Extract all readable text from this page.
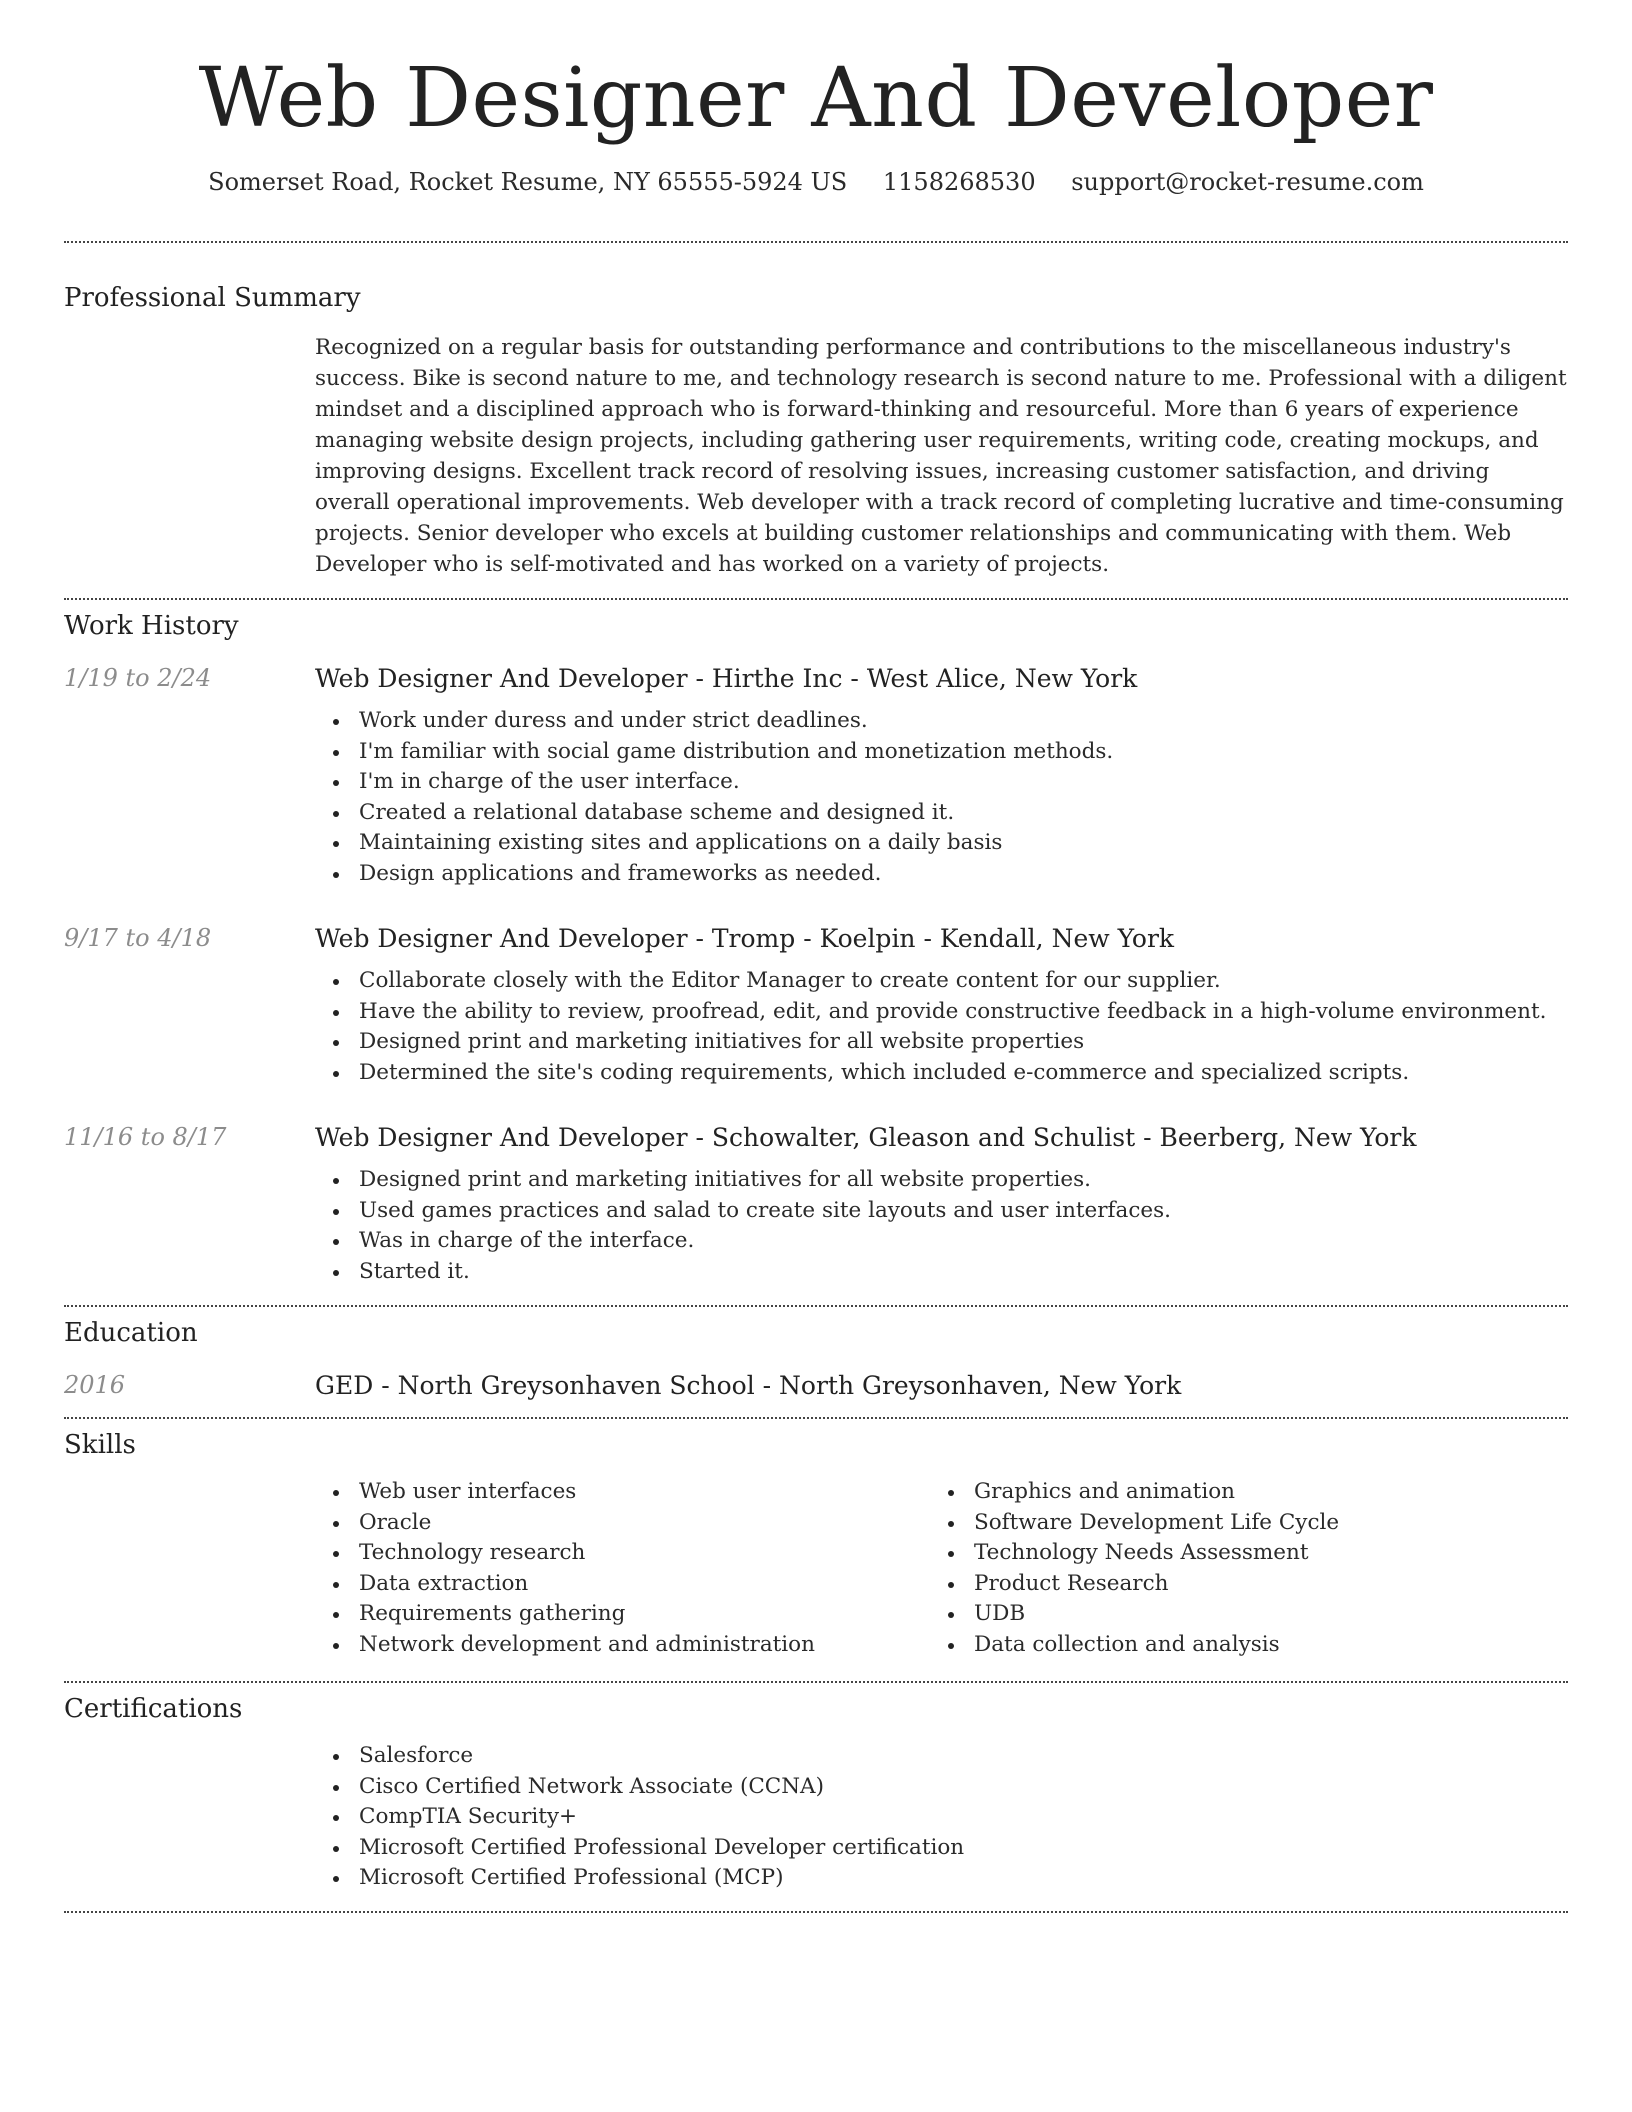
Web Designer And Developer
Somerset Road, Rocket Resume, NY 65555-5924 US 1158268530 support@rocket-resume.com
Professional Summary

Recognized on a regular basis for outstanding performance and contributions to the miscellaneous industry's success. Bike is second nature to me, and technology research is second nature to me. Professional with a diligent mindset and a disciplined approach who is forward-thinking and resourceful. More than 6 years of experience managing website design projects, including gathering user requirements, writing code, creating mockups, and improving designs. Excellent track record of resolving issues, increasing customer satisfaction, and driving overall operational improvements. Web developer with a track record of completing lucrative and time-consuming projects. Senior developer who excels at building customer relationships and communicating with them. Web Developer who is self-motivated and has worked on a variety of projects.

Work History
1/19 to 2/24	Web Designer And Developer - Hirthe Inc - West Alice, New York
Work under duress and under strict deadlines.
I'm familiar with social game distribution and monetization methods.
I'm in charge of the user interface.
Created a relational database scheme and designed it.
Maintaining existing sites and applications on a daily basis
Design applications and frameworks as needed.
9/17 to 4/18	Web Designer And Developer - Tromp - Koelpin - Kendall, New York
Collaborate closely with the Editor Manager to create content for our supplier.
Have the ability to review, proofread, edit, and provide constructive feedback in a high-volume environment.
Designed print and marketing initiatives for all website properties
Determined the site's coding requirements, which included e-commerce and specialized scripts.
11/16 to 8/17	Web Designer And Developer - Schowalter, Gleason and Schulist - Beerberg, New York
Designed print and marketing initiatives for all website properties.
Used games practices and salad to create site layouts and user interfaces.
Was in charge of the interface.
Started it.
Education
2016	GED - North Greysonhaven School - North Greysonhaven, New York
Skills
Web user interfaces
Oracle
Technology research
Data extraction
Requirements gathering
Network development and administration
Graphics and animation
Software Development Life Cycle
Technology Needs Assessment
Product Research
UDB
Data collection and analysis
Certifications
Salesforce
Cisco Certified Network Associate (CCNA)
CompTIA Security+
Microsoft Certified Professional Developer certification
Microsoft Certified Professional (MCP)
